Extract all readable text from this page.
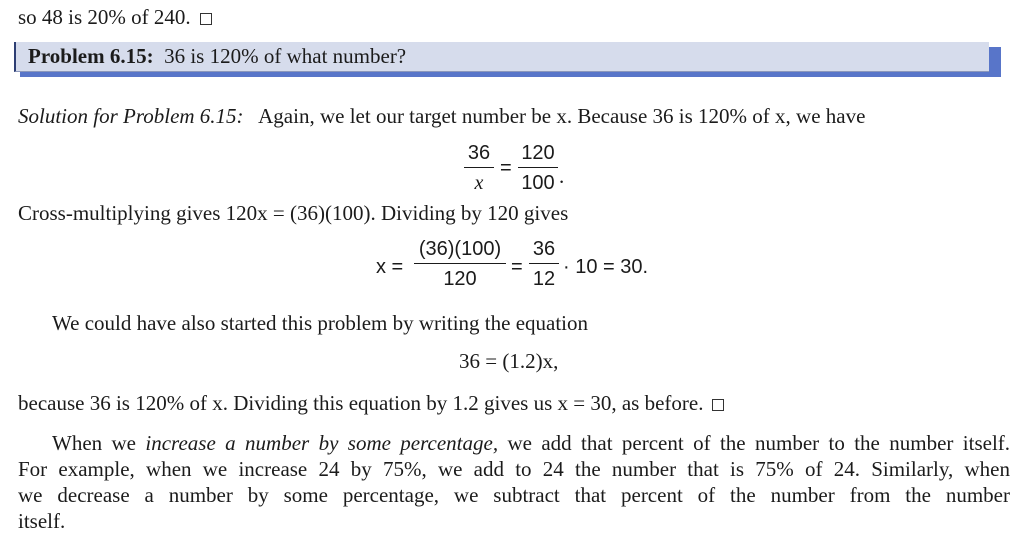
so 48 is 20% of 240.
Problem 6.15: 36 is 120% of what number?
Solution for Problem 6.15: Again, we let our target number be x. Because 36 is 120% of x, we have
36
x
=
120
100 .
Cross-multiplying gives 120x = (36)(100). Dividing by 120 gives
x =
(36)(100)
120
=
36
12
· 10 = 30.
We could have also started this problem by writing the equation
36 = (1.2)x,
because 36 is 120% of x. Dividing this equation by 1.2 gives us x = 30, as before.
When we increase a number by some percentage, we add that percent of the number to the number itself.
For example, when we increase 24 by 75%, we add to 24 the number that is 75% of 24. Similarly, when
we decrease a number by some percentage, we subtract that percent of the number from the number
itself.
